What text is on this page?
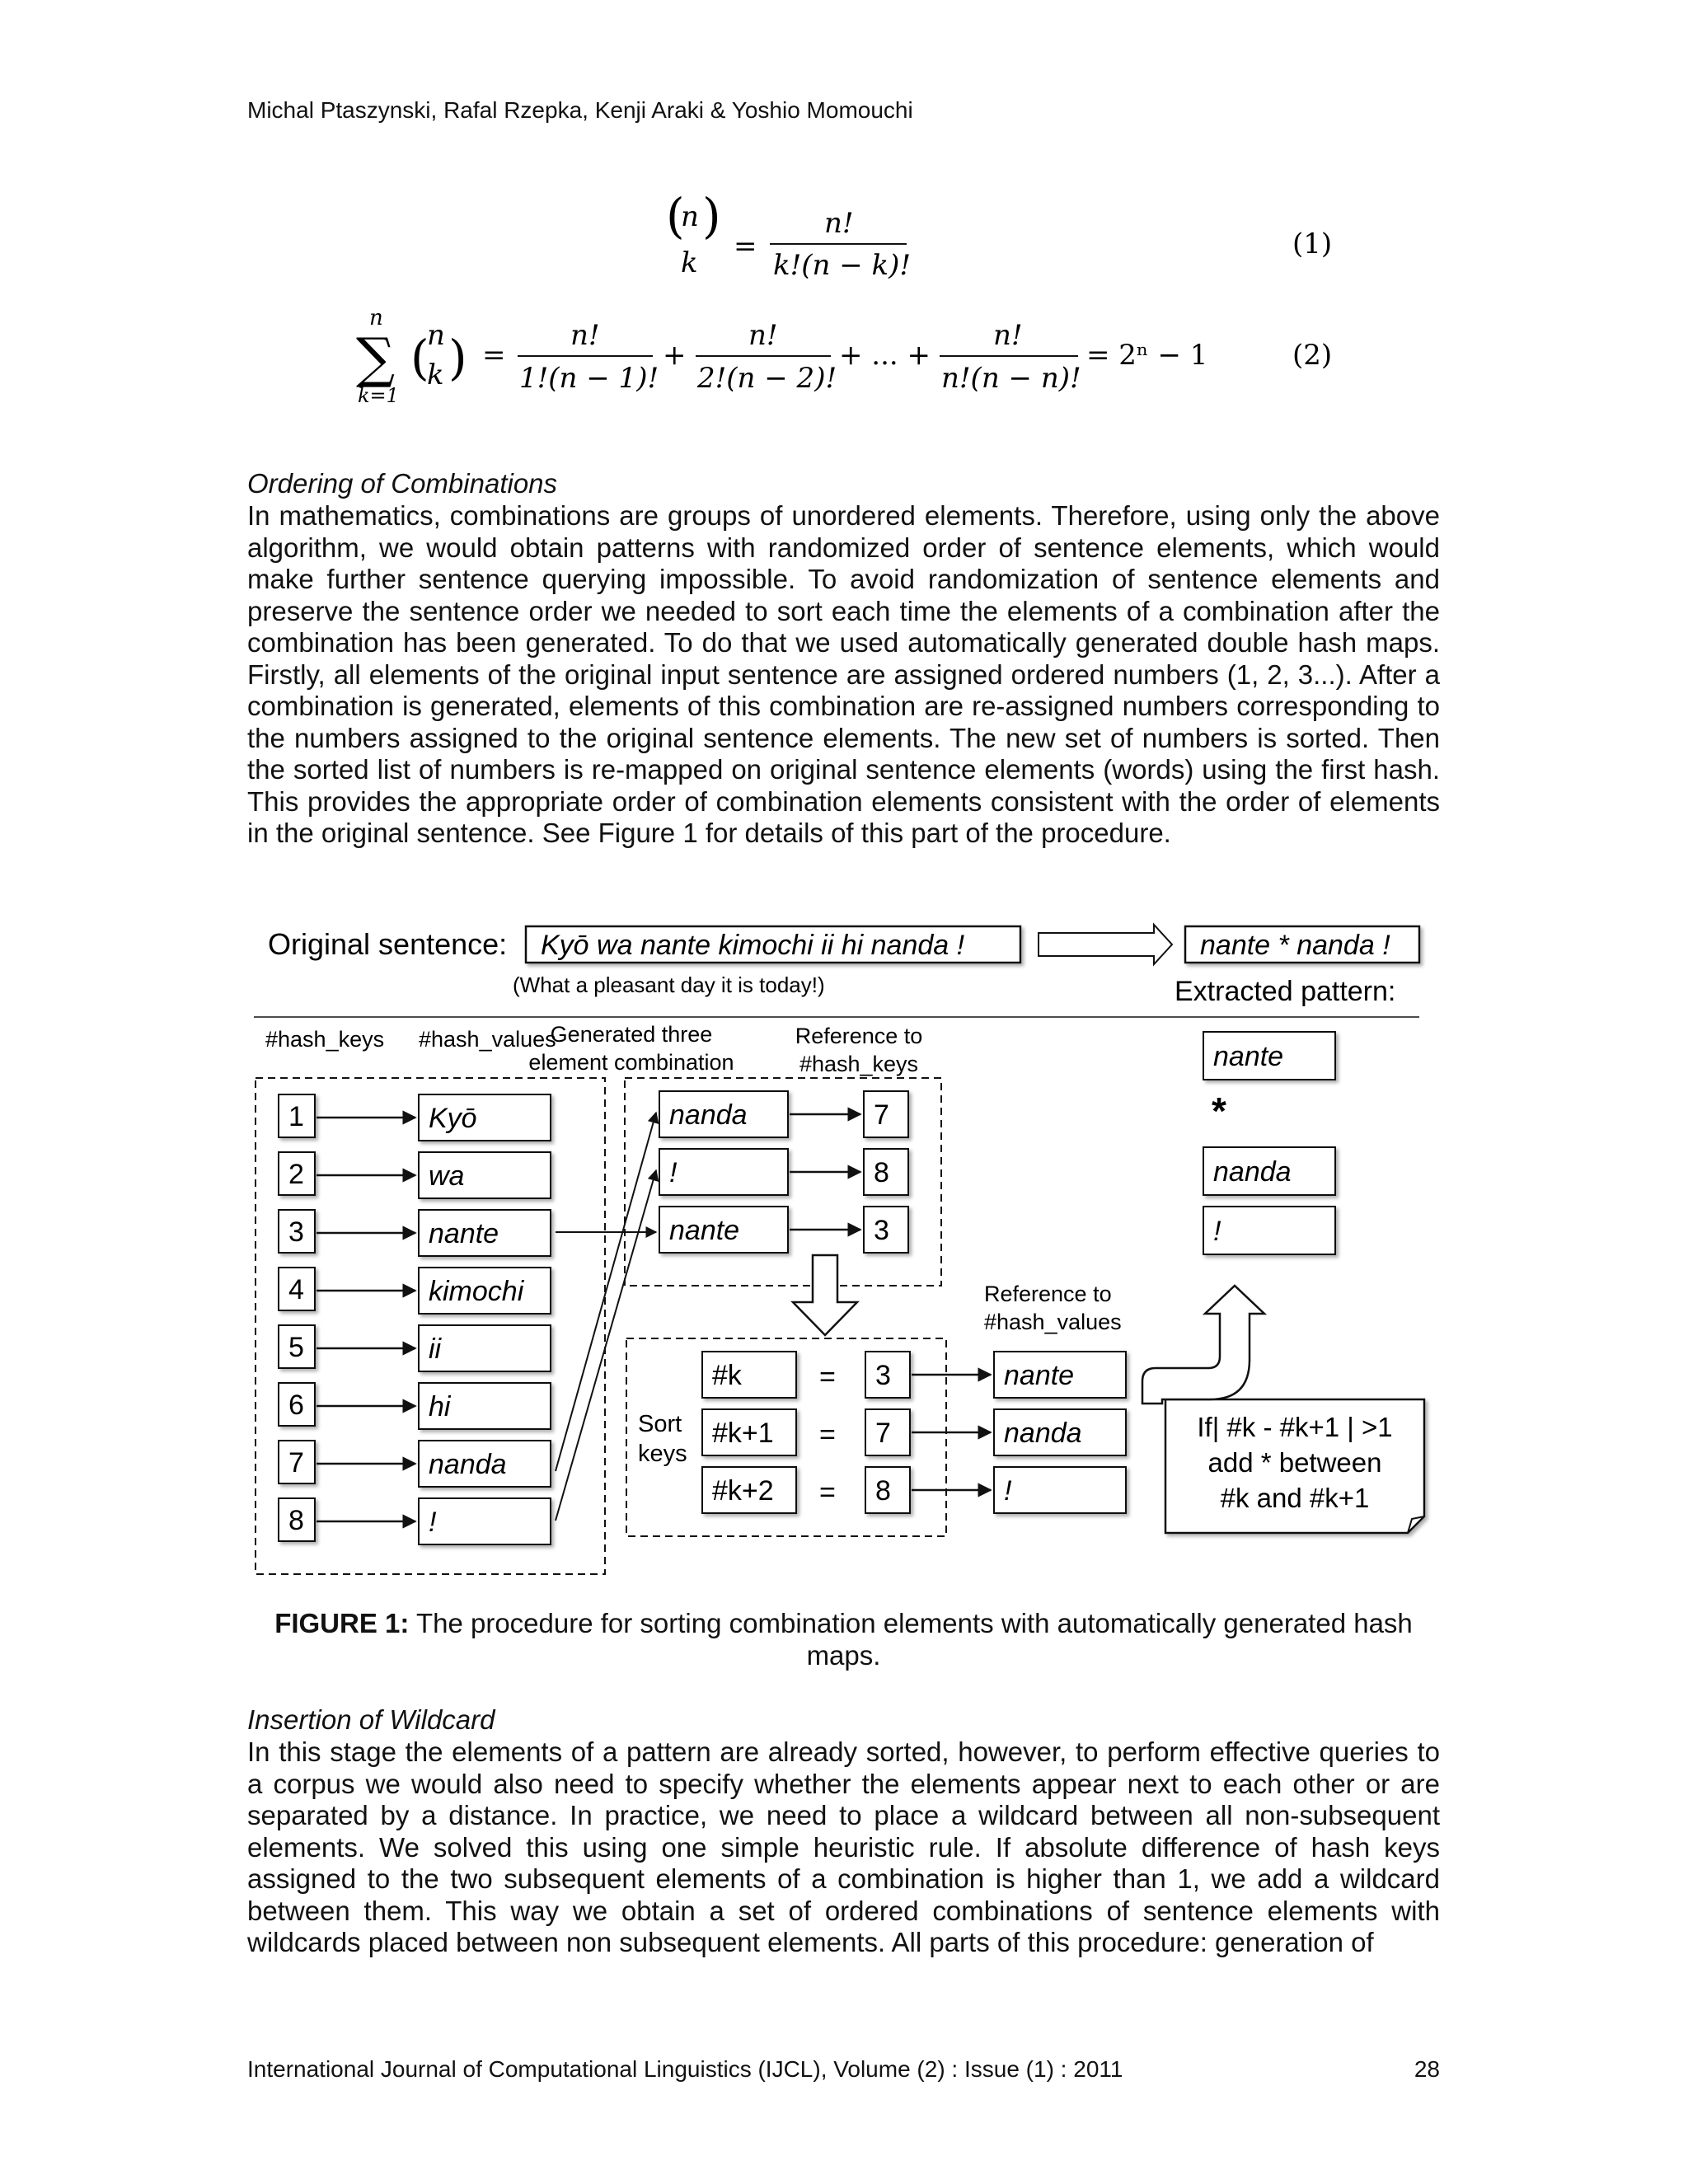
Michal Ptaszynski, Rafal Rzepka, Kenji Araki & Yoshio Momouchi
(
n
k
)
=
n!
k!(n − k)!
(1)
n
∑
k=1
(
n
k ) =
n!
1!(n − 1)!
+
n!
2!(n − 2)!
+ ... +
n!
n!(n − n)!
= 2ⁿ − 1	(2)
Ordering of Combinations
In mathematics, combinations are groups of unordered elements. Therefore, using only the above algorithm, we would obtain patterns with randomized order of sentence elements, which would make further sentence querying impossible. To avoid randomization of sentence elements and preserve the sentence order we needed to sort each time the elements of a combination after the combination has been generated. To do that we used automatically generated double hash maps. Firstly, all elements of the original input sentence are assigned ordered numbers (1, 2, 3...). After a combination is generated, elements of this combination are re-assigned numbers corresponding to the numbers assigned to the original sentence elements. The new set of numbers is sorted. Then the sorted list of numbers is re-mapped on original sentence elements (words) using the first hash. This provides the appropriate order of combination elements consistent with the order of elements in the original sentence. See Figure 1 for details of this part of the procedure.
Original sentence: Kyō wa nante kimochi ii hi nanda !
(What a pleasant day it is today!)
nante * nanda !
Extracted pattern:
#hash_keys #hash_values
Generated three
element combination
Reference to
#hash_keys
1	Kyō
2	wa
3	nante
4	kimochi
5	ii
6	hi
7	nanda
8	!
nanda	7
!	8
nante	3
Reference to
#hash_values
Sort
keys
#k	= 3	nante
#k+1 = 7	nanda
#k+2 = 8	!
If| #k - #k+1 | >1
add * between
#k and #k+1
nante
*
nanda
!
FIGURE 1: The procedure for sorting combination elements with automatically generated hash
maps.
Insertion of Wildcard
In this stage the elements of a pattern are already sorted, however, to perform effective queries to a corpus we would also need to specify whether the elements appear next to each other or are separated by a distance. In practice, we need to place a wildcard between all non-subsequent elements. We solved this using one simple heuristic rule. If absolute difference of hash keys assigned to the two subsequent elements of a combination is higher than 1, we add a wildcard between them. This way we obtain a set of ordered combinations of sentence elements with wildcards placed between non subsequent elements. All parts of this procedure: generation of
International Journal of Computational Linguistics (IJCL), Volume (2) : Issue (1) : 2011	28
